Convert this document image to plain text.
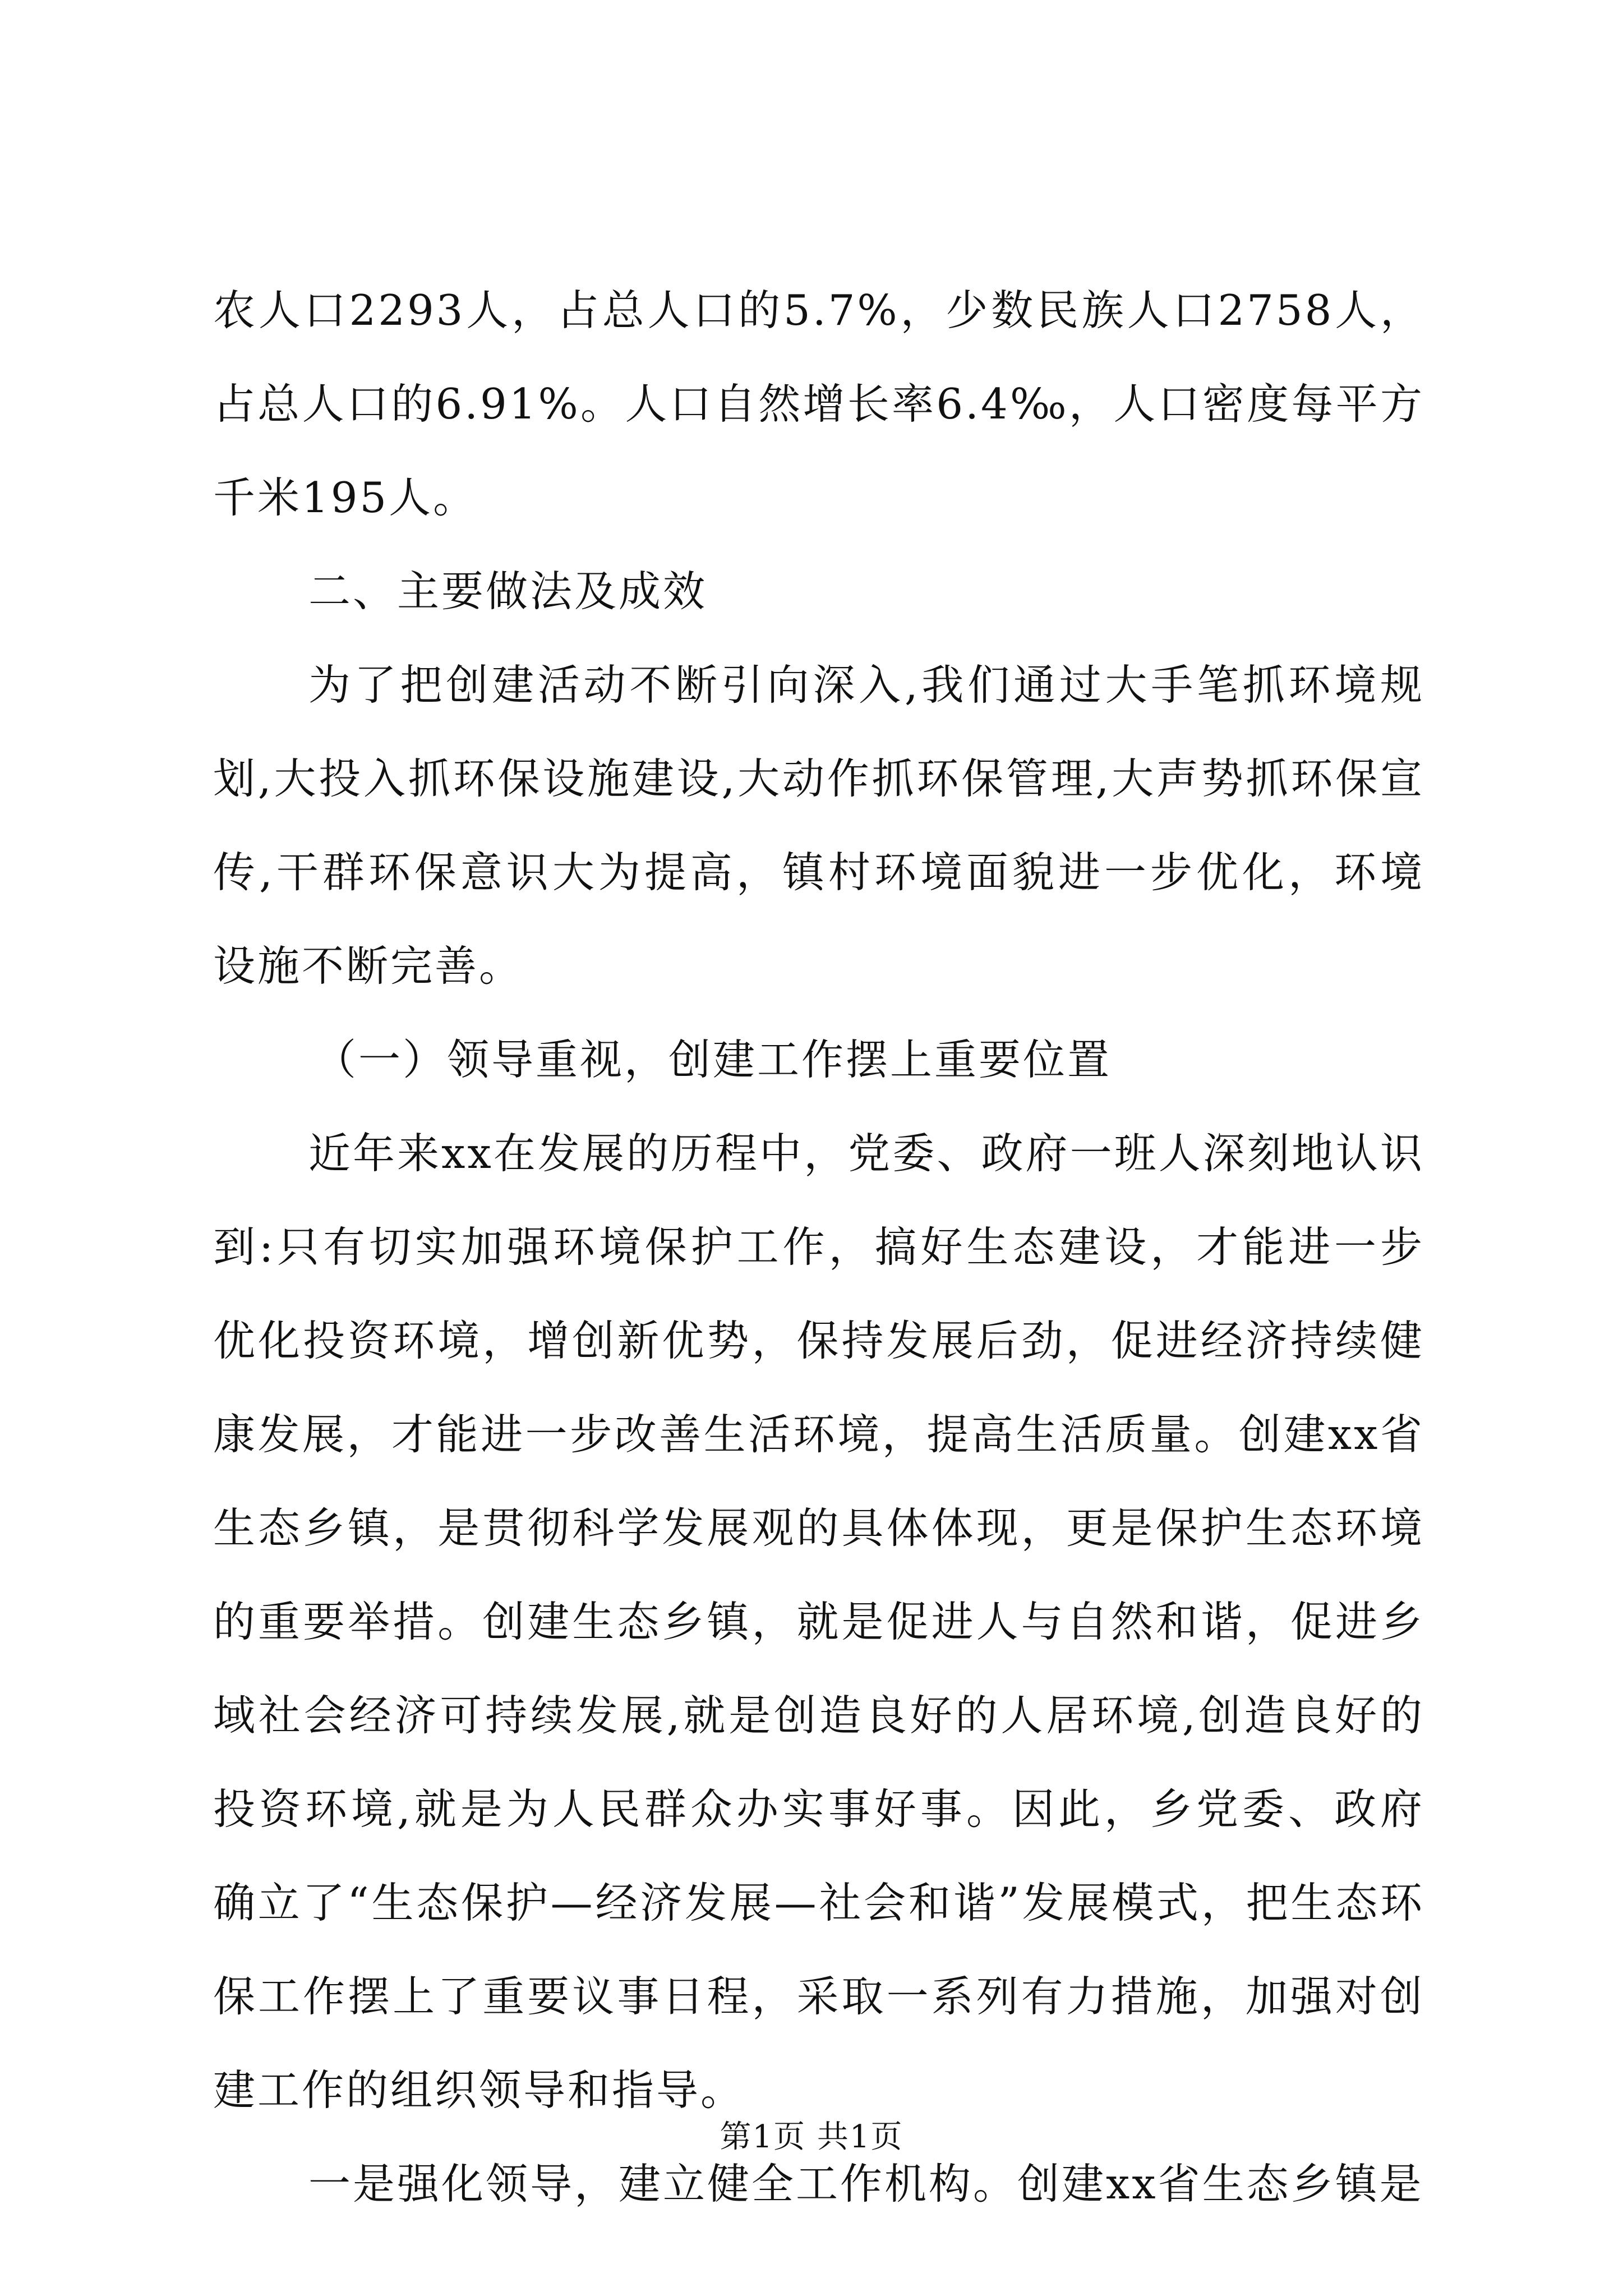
农人口2293人，占总人口的5.7%，少数民族人口2758人，占总人口的6.91%。人口自然增长率6.4‰，人口密度每平方千米195人。

二、主要做法及成效

为了把创建活动不断引向深入,我们通过大手笔抓环境规划,大投入抓环保设施建设,大动作抓环保管理,大声势抓环保宣传,干群环保意识大为提高，镇村环境面貌进一步优化，环境设施不断完善。

（一）领导重视，创建工作摆上重要位置

近年来xx在发展的历程中，党委、政府一班人深刻地认识到:只有切实加强环境保护工作，搞好生态建设，才能进一步优化投资环境，增创新优势，保持发展后劲，促进经济持续健康发展，才能进一步改善生活环境，提高生活质量。创建xx省生态乡镇，是贯彻科学发展观的具体体现，更是保护生态环境的重要举措。创建生态乡镇，就是促进人与自然和谐，促进乡域社会经济可持续发展,就是创造良好的人居环境,创造良好的投资环境,就是为人民群众办实事好事。因此，乡党委、政府确立了“生态保护—经济发展—社会和谐”发展模式，把生态环保工作摆上了重要议事日程，采取一系列有力措施，加强对创建工作的组织领导和指导。

一是强化领导，建立健全工作机构。创建xx省生态乡镇是

第1页 共1页
